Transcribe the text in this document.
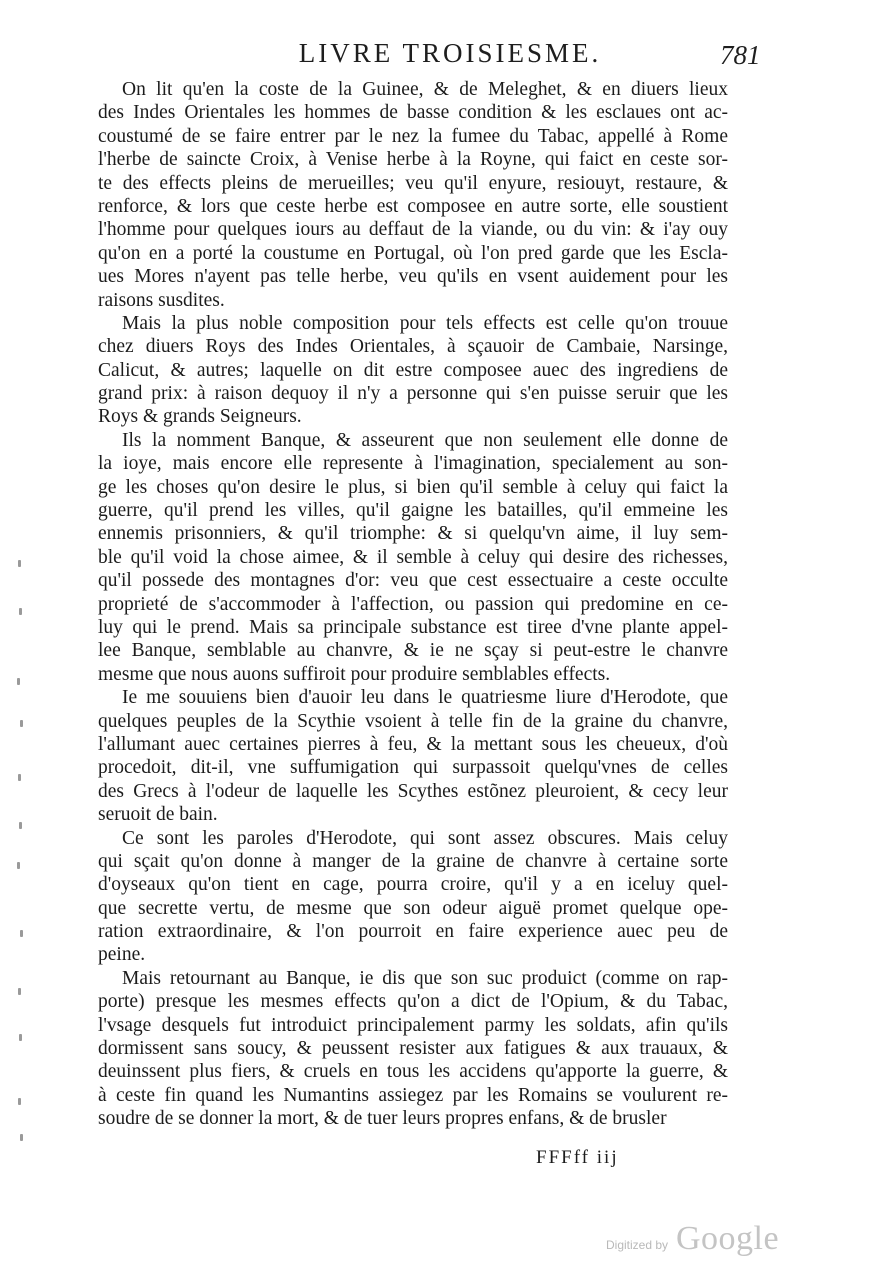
LIVRE TROISIESME.	781
On lit qu'en la coste de la Guinee, & de Meleghet, & en diuers lieux
des Indes Orientales les hommes de basse condition & les esclaues ont ac-
coustumé de se faire entrer par le nez la fumee du Tabac, appellé à Rome
l'herbe de saincte Croix, à Venise herbe à la Royne, qui faict en ceste sor-
te des effects pleins de merueilles; veu qu'il enyure, resiouyt, restaure, &
renforce, & lors que ceste herbe est composee en autre sorte, elle soustient
l'homme pour quelques iours au deffaut de la viande, ou du vin: & i'ay ouy
qu'on en a porté la coustume en Portugal, où l'on pred garde que les Escla-
ues Mores n'ayent pas telle herbe, veu qu'ils en vsent auidement pour les
raisons susdites.
Mais la plus noble composition pour tels effects est celle qu'on trouue
chez diuers Roys des Indes Orientales, à sçauoir de Cambaie, Narsinge,
Calicut, & autres; laquelle on dit estre composee auec des ingrediens de
grand prix: à raison dequoy il n'y a personne qui s'en puisse seruir que les
Roys & grands Seigneurs.
Ils la nomment Banque, & asseurent que non seulement elle donne de
la ioye, mais encore elle represente à l'imagination, specialement au son-
ge les choses qu'on desire le plus, si bien qu'il semble à celuy qui faict la
guerre, qu'il prend les villes, qu'il gaigne les batailles, qu'il emmeine les
ennemis prisonniers, & qu'il triomphe: & si quelqu'vn aime, il luy sem-
ble qu'il void la chose aimee, & il semble à celuy qui desire des richesses,
qu'il possede des montagnes d'or: veu que cest essectuaire a ceste occulte
proprieté de s'accommoder à l'affection, ou passion qui predomine en ce-
luy qui le prend. Mais sa principale substance est tiree d'vne plante appel-
lee Banque, semblable au chanvre, & ie ne sçay si peut-estre le chanvre
mesme que nous auons suffiroit pour produire semblables effects.
Ie me souuiens bien d'auoir leu dans le quatriesme liure d'Herodote, que
quelques peuples de la Scythie vsoient à telle fin de la graine du chanvre,
l'allumant auec certaines pierres à feu, & la mettant sous les cheueux, d'où
procedoit, dit-il, vne suffumigation qui surpassoit quelqu'vnes de celles
des Grecs à l'odeur de laquelle les Scythes estõnez pleuroient, & cecy leur
seruoit de bain.
Ce sont les paroles d'Herodote, qui sont assez obscures. Mais celuy
qui sçait qu'on donne à manger de la graine de chanvre à certaine sorte
d'oyseaux qu'on tient en cage, pourra croire, qu'il y a en iceluy quel-
que secrette vertu, de mesme que son odeur aiguë promet quelque ope-
ration extraordinaire, & l'on pourroit en faire experience auec peu de
peine.
Mais retournant au Banque, ie dis que son suc produict (comme on rap-
porte) presque les mesmes effects qu'on a dict de l'Opium, & du Tabac,
l'vsage desquels fut introduict principalement parmy les soldats, afin qu'ils
dormissent sans soucy, & peussent resister aux fatigues & aux trauaux, &
deuinssent plus fiers, & cruels en tous les accidens qu'apporte la guerre, &
à ceste fin quand les Numantins assiegez par les Romains se voulurent re-
soudre de se donner la mort, & de tuer leurs propres enfans, & de brusler
FFFff iij
Digitized by Google
